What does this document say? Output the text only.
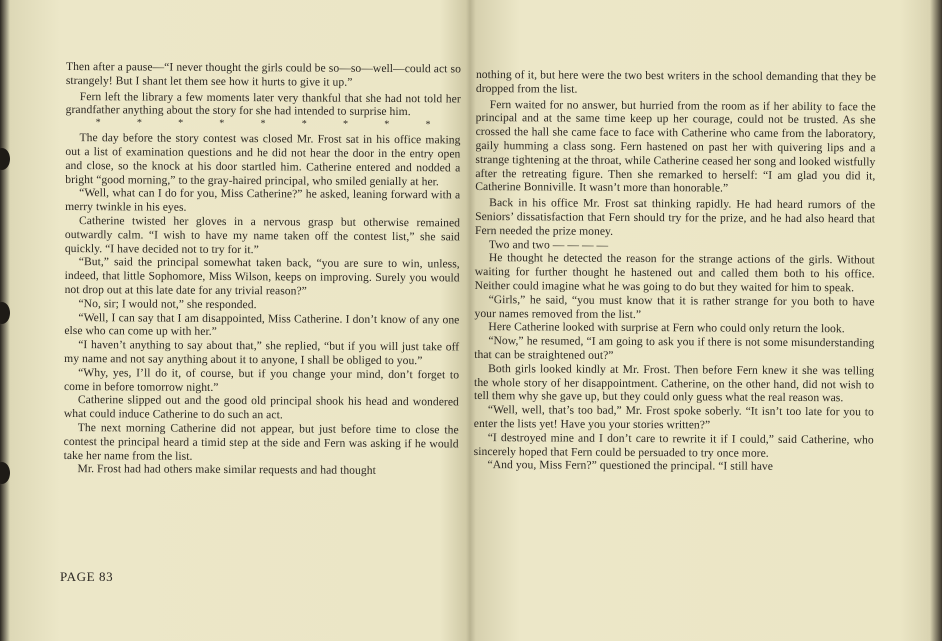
Then after a pause—“I never thought the girls could be so—so—well—could act so strangely! But I shant let them see how it hurts to give it up.”

Fern left the library a few moments later very thankful that she had not told her grandfather anything about the story for she had intended to surprise him.

*	*	*	*	*	*	*	*	*

The day before the story contest was closed Mr. Frost sat in his office making out a list of examination questions and he did not hear the door in the entry open and close, so the knock at his door startled him. Catherine entered and nodded a bright “good morning,” to the gray-haired principal, who smiled genially at her.

“Well, what can I do for you, Miss Catherine?” he asked, leaning forward with a merry twinkle in his eyes.

Catherine twisted her gloves in a nervous grasp but otherwise remained outwardly calm. “I wish to have my name taken off the contest list,” she said quickly. “I have decided not to try for it.”

“But,” said the principal somewhat taken back, “you are sure to win, unless, indeed, that little Sophomore, Miss Wilson, keeps on improving. Surely you would not drop out at this late date for any trivial reason?”

“No, sir; I would not,” she responded.

“Well, I can say that I am disappointed, Miss Catherine. I don’t know of any one else who can come up with her.”

“I haven’t anything to say about that,” she replied, “but if you will just take off my name and not say anything about it to anyone, I shall be obliged to you.”

“Why, yes, I’ll do it, of course, but if you change your mind, don’t forget to come in before tomorrow night.”

Catherine slipped out and the good old principal shook his head and wondered what could induce Catherine to do such an act.

The next morning Catherine did not appear, but just before time to close the contest the principal heard a timid step at the side and Fern was asking if he would take her name from the list.

Mr. Frost had had others make similar requests and had thought

PAGE 83

nothing of it, but here were the two best writers in the school demanding that they be dropped from the list.

Fern waited for no answer, but hurried from the room as if her ability to face the principal and at the same time keep up her courage, could not be trusted. As she crossed the hall she came face to face with Catherine who came from the laboratory, gaily humming a class song. Fern hastened on past her with quivering lips and a strange tightening at the throat, while Catherine ceased her song and looked wistfully after the retreating figure. Then she remarked to herself: “I am glad you did it, Catherine Bonniville. It wasn’t more than honorable.”

Back in his office Mr. Frost sat thinking rapidly. He had heard rumors of the Seniors’ dissatisfaction that Fern should try for the prize, and he had also heard that Fern needed the prize money.

Two and two — — — —

He thought he detected the reason for the strange actions of the girls. Without waiting for further thought he hastened out and called them both to his office. Neither could imagine what he was going to do but they waited for him to speak.

“Girls,” he said, “you must know that it is rather strange for you both to have your names removed from the list.”

Here Catherine looked with surprise at Fern who could only return the look.

“Now,” he resumed, “I am going to ask you if there is not some misunderstanding that can be straightened out?”

Both girls looked kindly at Mr. Frost. Then before Fern knew it she was telling the whole story of her disappointment. Catherine, on the other hand, did not wish to tell them why she gave up, but they could only guess what the real reason was.

“Well, well, that’s too bad,” Mr. Frost spoke soberly. “It isn’t too late for you to enter the lists yet! Have you your stories written?”

“I destroyed mine and I don’t care to rewrite it if I could,” said Catherine, who sincerely hoped that Fern could be persuaded to try once more.

“And you, Miss Fern?” questioned the principal. “I still have
